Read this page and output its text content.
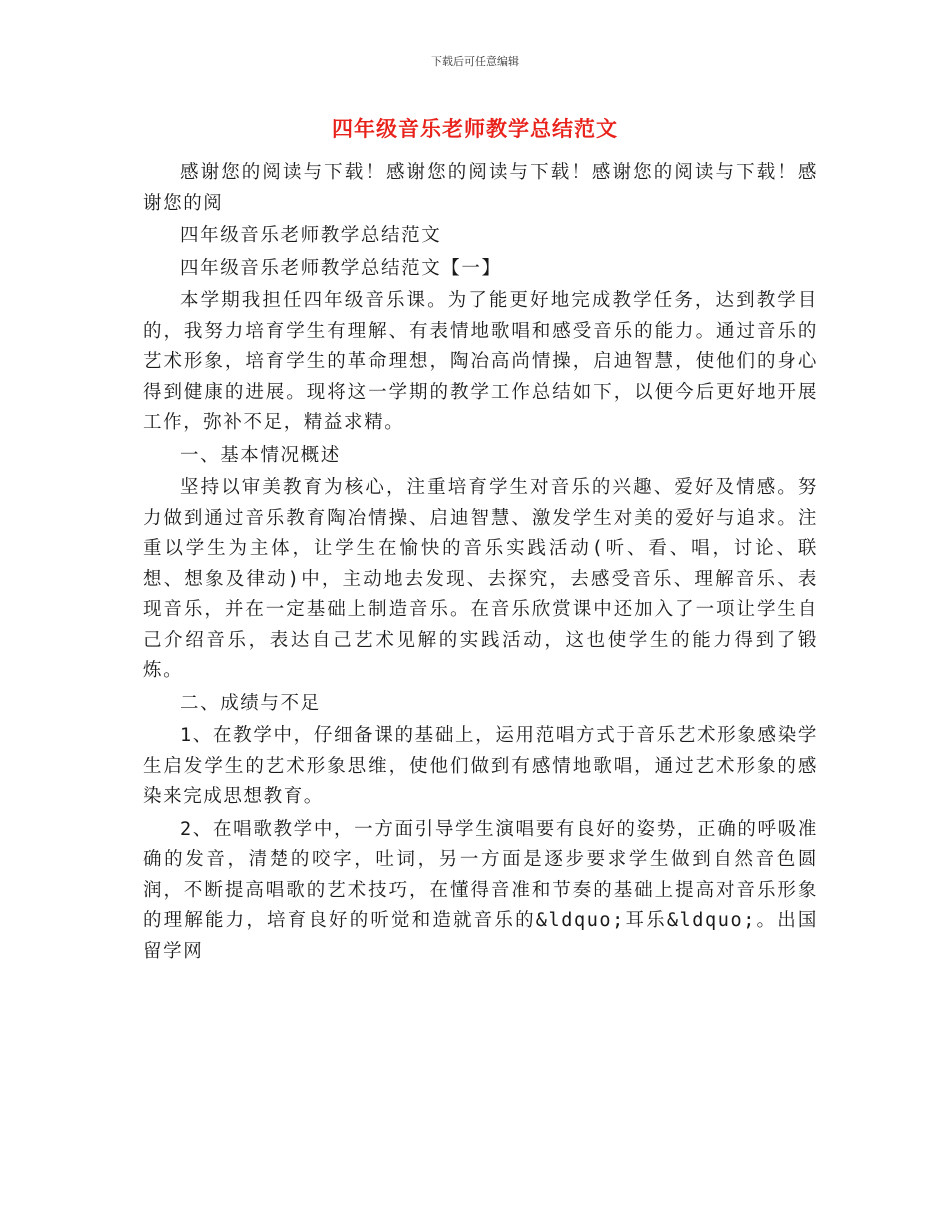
下载后可任意编辑
四年级音乐老师教学总结范文

感谢您的阅读与下载！感谢您的阅读与下载！感谢您的阅读与下载！感谢您的阅

四年级音乐老师教学总结范文

四年级音乐老师教学总结范文【一】

本学期我担任四年级音乐课。为了能更好地完成教学任务，达到教学目的，我努力培育学生有理解、有表情地歌唱和感受音乐的能力。通过音乐的艺术形象，培育学生的革命理想，陶冶高尚情操，启迪智慧，使他们的身心得到健康的进展。现将这一学期的教学工作总结如下，以便今后更好地开展工作，弥补不足，精益求精。

一、基本情况概述

坚持以审美教育为核心，注重培育学生对音乐的兴趣、爱好及情感。努力做到通过音乐教育陶冶情操、启迪智慧、激发学生对美的爱好与追求。注重以学生为主体，让学生在愉快的音乐实践活动(听、看、唱，讨论、联想、想象及律动)中，主动地去发现、去探究，去感受音乐、理解音乐、表现音乐，并在一定基础上制造音乐。在音乐欣赏课中还加入了一项让学生自己介绍音乐，表达自己艺术见解的实践活动，这也使学生的能力得到了锻炼。

二、成绩与不足

1、在教学中，仔细备课的基础上，运用范唱方式于音乐艺术形象感染学生启发学生的艺术形象思维，使他们做到有感情地歌唱，通过艺术形象的感染来完成思想教育。

2、在唱歌教学中，一方面引导学生演唱要有良好的姿势，正确的呼吸准确的发音，清楚的咬字，吐词，另一方面是逐步要求学生做到自然音色圆润，不断提高唱歌的艺术技巧，在懂得音准和节奏的基础上提高对音乐形象的理解能力，培育良好的听觉和造就音乐的&ldquo;耳乐&ldquo;。出国留学网
